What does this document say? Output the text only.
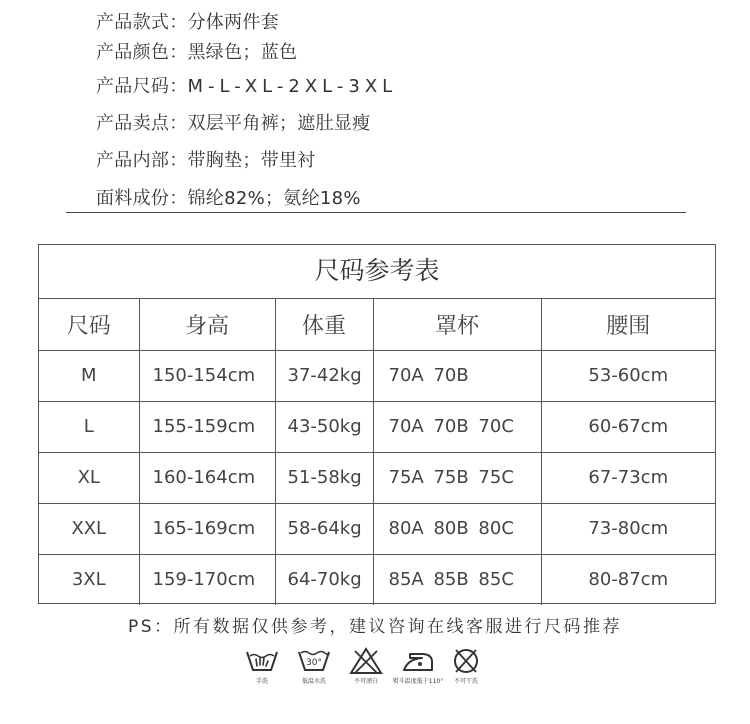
产品款式：分体两件套
产品颜色：黑绿色；蓝色
产品尺码：M-L-XL-2XL-3XL
产品卖点：双层平角裤；遮肚显瘦
产品内部：带胸垫；带里衬
面料成份：锦纶82%；氨纶18%
尺码参考表
尺码	身高	体重	罩杯	腰围
M	150-154cm	37-42kg	70A 70B	53-60cm
L	155-159cm	43-50kg	70A 70B 70C	60-67cm
XL	160-164cm	51-58kg	75A 75B 75C	67-73cm
XXL	165-169cm	58-64kg	80A 80B 80C	73-80cm
3XL	159-170cm	64-70kg	85A 85B 85C	80-87cm
PS：所有数据仅供参考，建议咨询在线客服进行尺码推荐
手洗
30°
低温水洗	不可漂白	熨斗温度低于110°	不可干洗
